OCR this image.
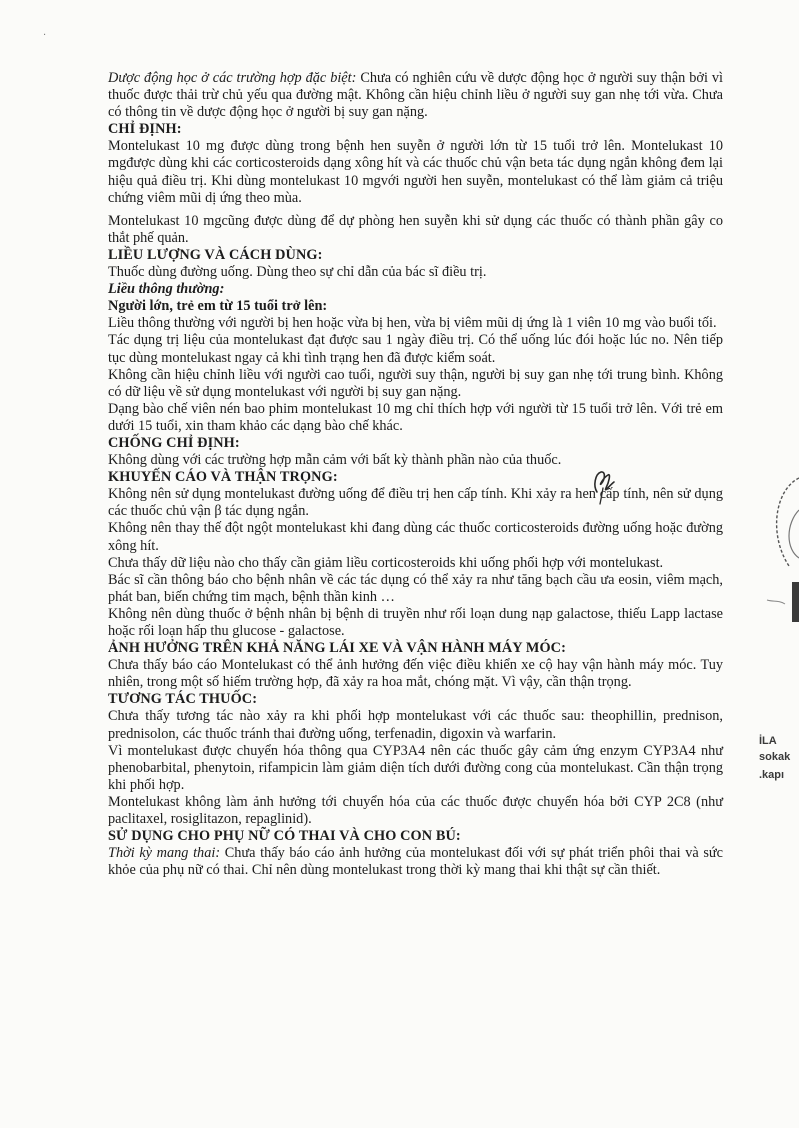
·

Dược động học ở các trường hợp đặc biệt: Chưa có nghiên cứu về dược động học ở người suy thận bởi vì thuốc được thải trừ chủ yếu qua đường mật. Không cần hiệu chỉnh liều ở người suy gan nhẹ tới vừa. Chưa có thông tin về dược động học ở người bị suy gan nặng.

CHỈ ĐỊNH:

Montelukast 10 mg được dùng trong bệnh hen suyễn ở người lớn từ 15 tuổi trở lên. Montelukast 10 mgđược dùng khi các corticosteroids dạng xông hít và các thuốc chủ vận beta tác dụng ngắn không đem lại hiệu quả điều trị. Khi dùng montelukast 10 mgvới người hen suyễn, montelukast có thể làm giảm cả triệu chứng viêm mũi dị ứng theo mùa.

Montelukast 10 mgcũng được dùng để dự phòng hen suyễn khi sử dụng các thuốc có thành phần gây co thắt phế quản.

LIỀU LƯỢNG VÀ CÁCH DÙNG:

Thuốc dùng đường uống. Dùng theo sự chỉ dẫn của bác sĩ điều trị.

Liều thông thường:

Người lớn, trẻ em từ 15 tuổi trở lên:

Liều thông thường với người bị hen hoặc vừa bị hen, vừa bị viêm mũi dị ứng là 1 viên 10 mg vào buổi tối.

Tác dụng trị liệu của montelukast đạt được sau 1 ngày điều trị. Có thể uống lúc đói hoặc lúc no. Nên tiếp tục dùng montelukast ngay cả khi tình trạng hen đã được kiểm soát.

Không cần hiệu chỉnh liều với người cao tuổi, người suy thận, người bị suy gan nhẹ tới trung bình. Không có dữ liệu về sử dụng montelukast với người bị suy gan nặng.

Dạng bào chế viên nén bao phim montelukast 10 mg chỉ thích hợp với người từ 15 tuổi trở lên. Với trẻ em dưới 15 tuổi, xin tham khảo các dạng bào chế khác.

CHỐNG CHỈ ĐỊNH:

Không dùng với các trường hợp mẫn cảm với bất kỳ thành phần nào của thuốc.

KHUYẾN CÁO VÀ THẬN TRỌNG:

Không nên sử dụng montelukast đường uống để điều trị hen cấp tính. Khi xảy ra hen cấp tính, nên sử dụng các thuốc chủ vận β tác dụng ngắn.

Không nên thay thế đột ngột montelukast khi đang dùng các thuốc corticosteroids đường uống hoặc đường xông hít.

Chưa thấy dữ liệu nào cho thấy cần giảm liều corticosteroids khi uống phối hợp với montelukast.

Bác sĩ cần thông báo cho bệnh nhân về các tác dụng có thể xảy ra như tăng bạch cầu ưa eosin, viêm mạch, phát ban, biến chứng tim mạch, bệnh thần kinh …

Không nên dùng thuốc ở bệnh nhân bị bệnh di truyền như rối loạn dung nạp galactose, thiếu Lapp lactase hoặc rối loạn hấp thu glucose - galactose.

ẢNH HƯỞNG TRÊN KHẢ NĂNG LÁI XE VÀ VẬN HÀNH MÁY MÓC:

Chưa thấy báo cáo Montelukast có thể ảnh hưởng đến việc điều khiển xe cộ hay vận hành máy móc. Tuy nhiên, trong một số hiếm trường hợp, đã xảy ra hoa mắt, chóng mặt. Vì vậy, cần thận trọng.

TƯƠNG TÁC THUỐC:

Chưa thấy tương tác nào xảy ra khi phối hợp montelukast với các thuốc sau: theophillin, prednison, prednisolon, các thuốc tránh thai đường uống, terfenadin, digoxin và warfarin.

Vì montelukast được chuyển hóa thông qua CYP3A4 nên các thuốc gây cảm ứng enzym CYP3A4 như phenobarbital, phenytoin, rifampicin làm giảm diện tích dưới đường cong của montelukast. Cần thận trọng khi phối hợp.

Montelukast không làm ảnh hưởng tới chuyển hóa của các thuốc được chuyển hóa bởi CYP 2C8 (như paclitaxel, rosiglitazon, repaglinid).

SỬ DỤNG CHO PHỤ NỮ CÓ THAI VÀ CHO CON BÚ:

Thời kỳ mang thai: Chưa thấy báo cáo ảnh hưởng của montelukast đối với sự phát triển phôi thai và sức khỏe của phụ nữ có thai. Chỉ nên dùng montelukast trong thời kỳ mang thai khi thật sự cần thiết.

İLA
sokak
.kapı
